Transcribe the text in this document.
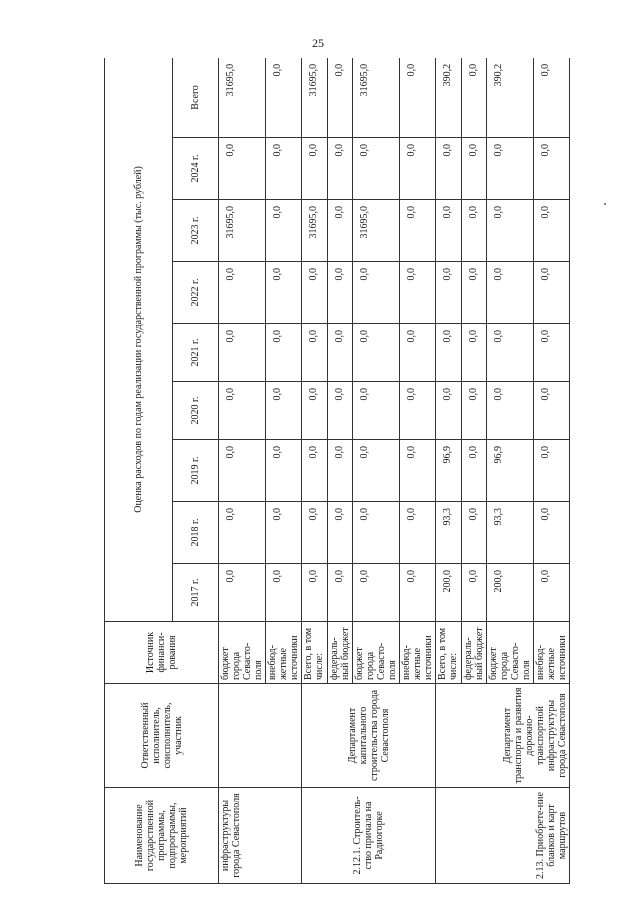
25
Наименование государственной программы, подпрограммы, мероприятий	Ответственный исполнитель, соисполнитель, участник	Источник финанси-рования	Оценка расходов по годам реализации государственной программы (тыс. рублей)								
			2017 г.	2018 г.	2019 г.	2020 г.	2021 г.	2022 г.	2023 г.	2024 г.	Всего
инфраструктуры города Севастополя		бюджет города Севасто-поля	0,0	0,0	0,0	0,0	0,0	0,0	31695,0	0,0	31695,0
		внебюд-жетные источники	0,0	0,0	0,0	0,0	0,0	0,0	0,0	0,0	0,0
2.12.1. Строитель-ство причала на Радиогорке	Департамент капитального строительства города Севастополя	Всего, в том числе:	0,0	0,0	0,0	0,0	0,0	0,0	31695,0	0,0	31695,0
		федераль-ный бюджет	0,0	0,0	0,0	0,0	0,0	0,0	0,0	0,0	0,0
		бюджет города Севасто-поля	0,0	0,0	0,0	0,0	0,0	0,0	31695,0	0,0	31695,0
		внебюд-жетные источники	0,0	0,0	0,0	0,0	0,0	0,0	0,0	0,0	0,0
2.13. Приобрете-ние бланков и карт маршрутов	Департамент транспорта и развития дорожно-транспортной инфраструктуры города Севастополя	Всего, в том числе:	200,0	93,3	96,9	0,0	0,0	0,0	0,0	0,0	390,2
		федераль-ный бюджет	0,0	0,0	0,0	0,0	0,0	0,0	0,0	0,0	0,0
		бюджет города Севасто-поля	200,0	93,3	96,9	0,0	0,0	0,0	0,0	0,0	390,2
		внебюд-жетные источники	0,0	0,0	0,0	0,0	0,0	0,0	0,0	0,0	0,0
